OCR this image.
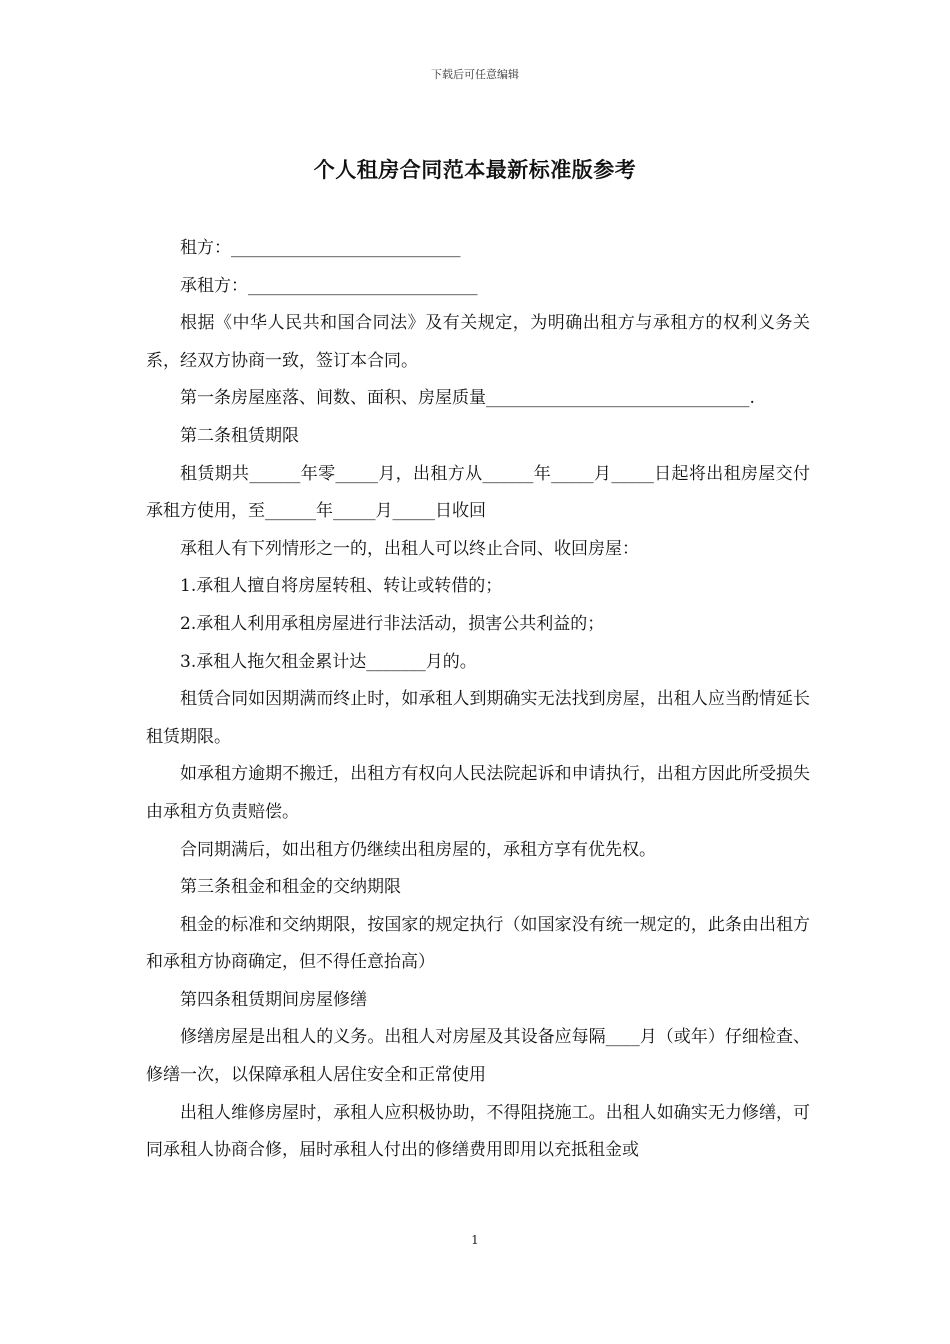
下载后可任意编辑
个人租房合同范本最新标准版参考

租方：___________________________

承租方：___________________________

根据《中华人民共和国合同法》及有关规定，为明确出租方与承租方的权利义务关系，经双方协商一致，签订本合同。

第一条房屋座落、间数、面积、房屋质量_______________________________.

第二条租赁期限

租赁期共______年零_____月，出租方从______年_____月_____日起将出租房屋交付承租方使用，至______年_____月_____日收回

承租人有下列情形之一的，出租人可以终止合同、收回房屋：

1.承租人擅自将房屋转租、转让或转借的；

2.承租人利用承租房屋进行非法活动，损害公共利益的；

3.承租人拖欠租金累计达_______月的。

租赁合同如因期满而终止时，如承租人到期确实无法找到房屋，出租人应当酌情延长租赁期限。

如承租方逾期不搬迁，出租方有权向人民法院起诉和申请执行，出租方因此所受损失由承租方负责赔偿。

合同期满后，如出租方仍继续出租房屋的，承租方享有优先权。

第三条租金和租金的交纳期限

租金的标准和交纳期限，按国家的规定执行（如国家没有统一规定的，此条由出租方和承租方协商确定，但不得任意抬高）

第四条租赁期间房屋修缮

修缮房屋是出租人的义务。出租人对房屋及其设备应每隔____月（或年）仔细检查、修缮一次，以保障承租人居住安全和正常使用

出租人维修房屋时，承租人应积极协助，不得阻挠施工。出租人如确实无力修缮，可同承租人协商合修，届时承租人付出的修缮费用即用以充抵租金或

1
